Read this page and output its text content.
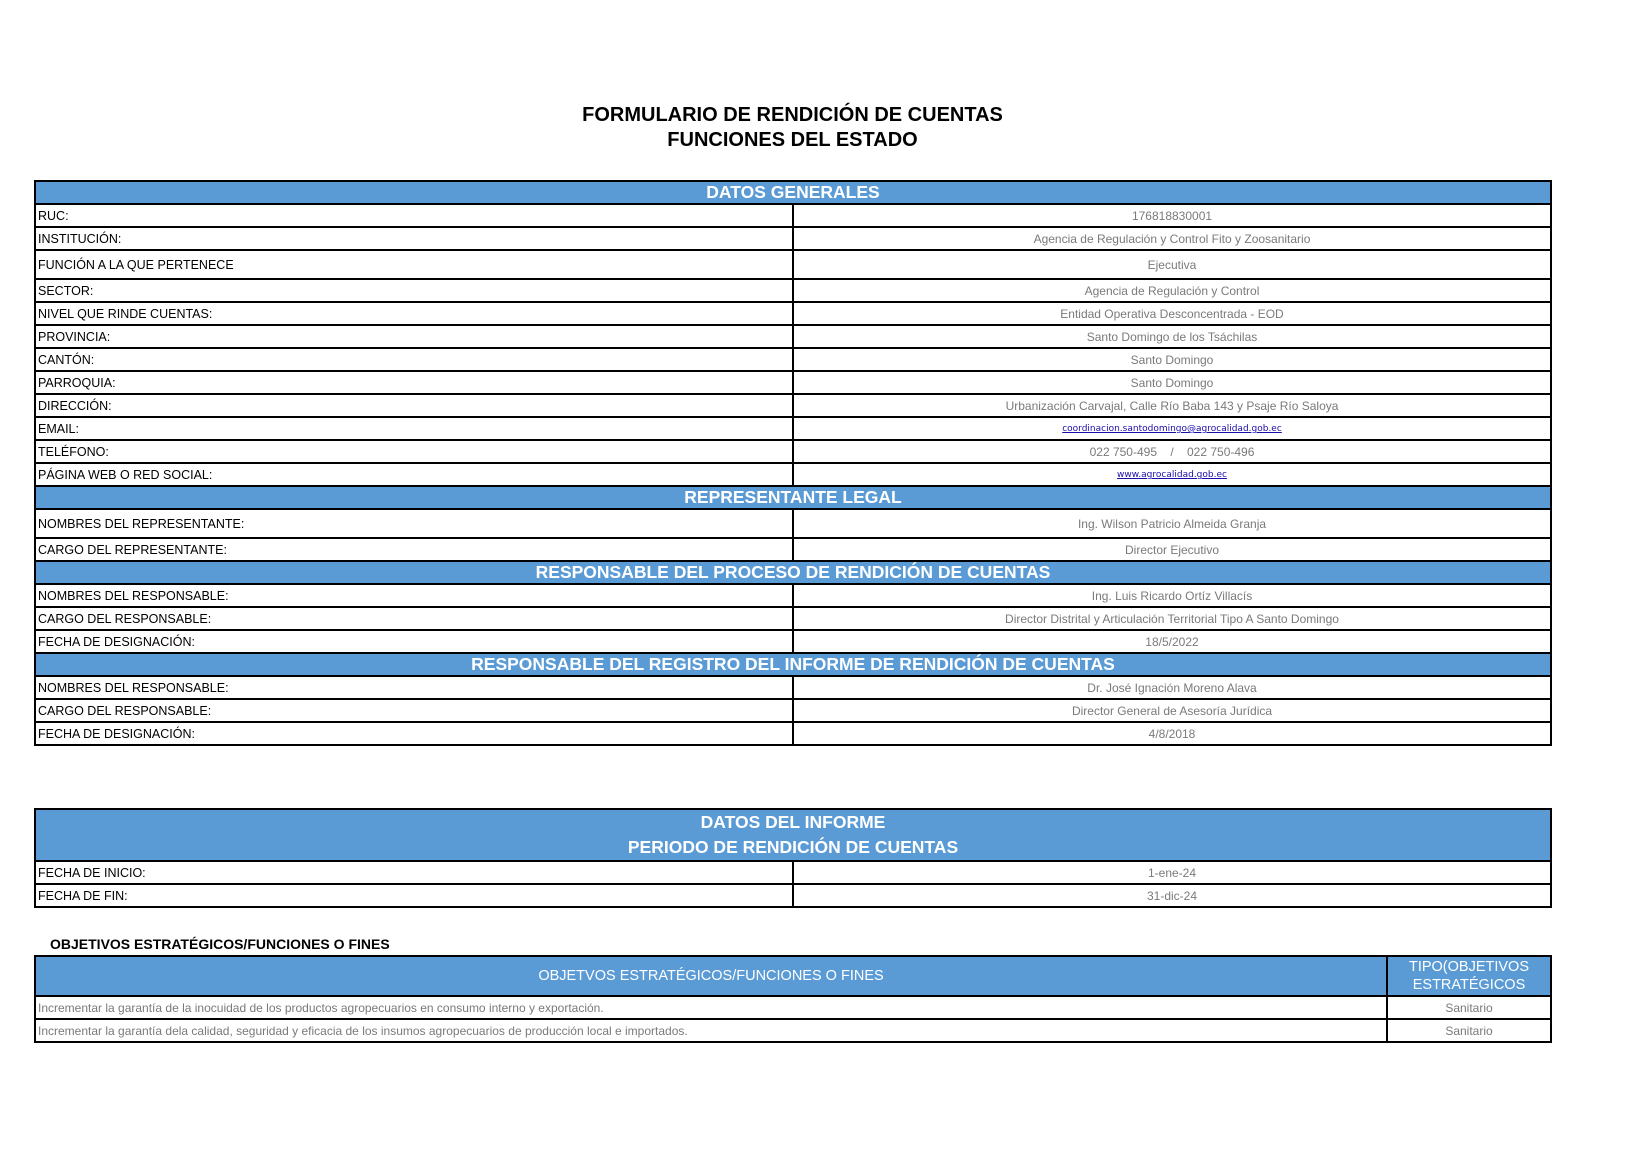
FORMULARIO DE RENDICIÓN DE CUENTAS
FUNCIONES DEL ESTADO
DATOS GENERALES	
RUC:	176818830001
INSTITUCIÓN:	Agencia de Regulación y Control Fito y Zoosanitario
FUNCIÓN A LA QUE PERTENECE	Ejecutiva
SECTOR:	Agencia de Regulación y Control
NIVEL QUE RINDE CUENTAS:	Entidad Operativa Desconcentrada - EOD
PROVINCIA:	Santo Domingo de los Tsáchilas
CANTÓN:	Santo Domingo
PARROQUIA:	Santo Domingo
DIRECCIÓN:	Urbanización Carvajal, Calle Río Baba 143 y Psaje Río Saloya
EMAIL:	coordinacion.santodomingo@agrocalidad.gob.ec
TELÉFONO:	022 750-495    /    022 750-496
PÁGINA WEB O RED SOCIAL:	www.agrocalidad.gob.ec
REPRESENTANTE LEGAL	
NOMBRES DEL REPRESENTANTE:	Ing. Wilson Patricio Almeida Granja
CARGO DEL REPRESENTANTE:	Director Ejecutivo
RESPONSABLE DEL PROCESO DE RENDICIÓN DE CUENTAS	
NOMBRES DEL RESPONSABLE:	Ing. Luis Ricardo Ortíz Villacís
CARGO DEL RESPONSABLE:	Director Distrital y Articulación Territorial Tipo A Santo Domingo
FECHA DE DESIGNACIÓN:	18/5/2022
RESPONSABLE DEL REGISTRO DEL INFORME DE RENDICIÓN DE CUENTAS	
NOMBRES DEL RESPONSABLE:	Dr. José Ignación Moreno Alava
CARGO DEL RESPONSABLE:	Director General de Asesoría Jurídica
FECHA DE DESIGNACIÓN:	4/8/2018
DATOS DEL INFORME
PERIODO DE RENDICIÓN DE CUENTAS	

FECHA DE INICIO:	1-ene-24
FECHA DE FIN:	31-dic-24
OBJETIVOS ESTRATÉGICOS/FUNCIONES O FINES
OBJETVOS ESTRATÉGICOS/FUNCIONES O FINES	TIPO(OBJETIVOS ESTRATÉGICOS
Incrementar la garantía de la inocuidad de los productos agropecuarios en consumo interno y exportación.	Sanitario
Incrementar la garantía dela calidad, seguridad y eficacia de los insumos agropecuarios de producción local e importados.	Sanitario
